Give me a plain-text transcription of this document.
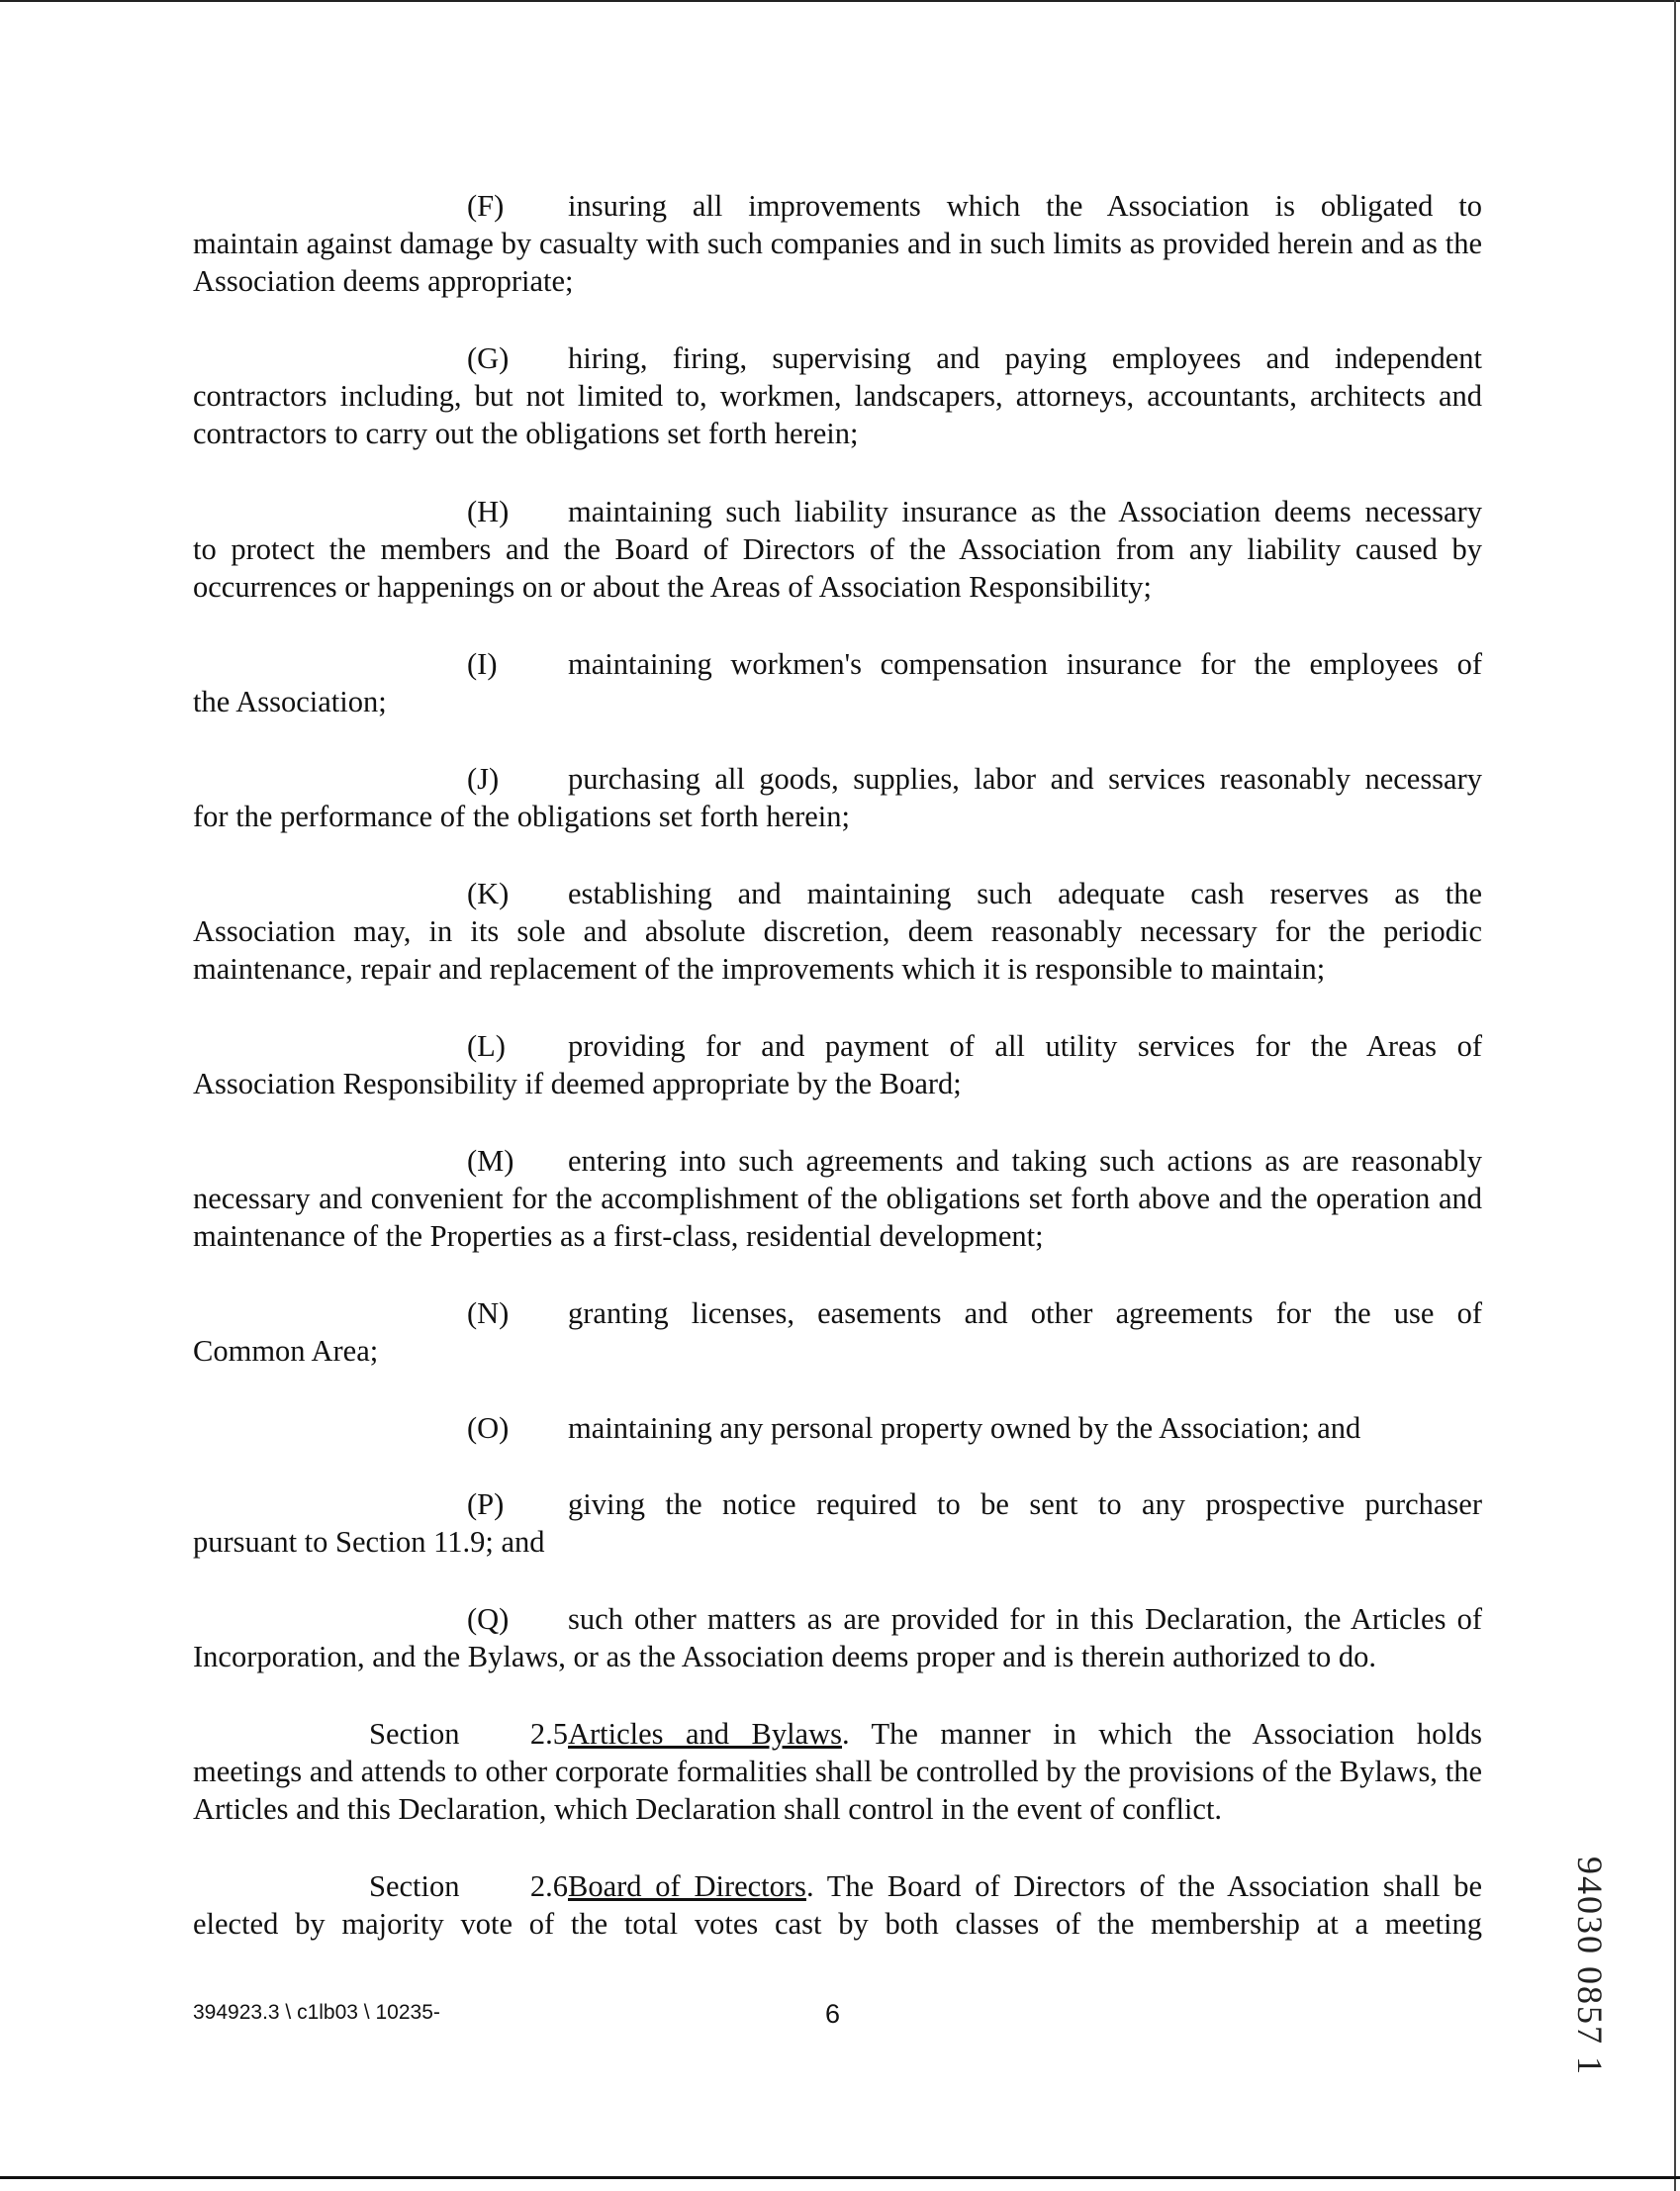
(F) insuring all improvements which the Association is obligated to
maintain against damage by casualty with such companies and in such limits as provided herein and as the Association deems appropriate;
(G) hiring, firing, supervising and paying employees and independent
contractors including, but not limited to, workmen, landscapers, attorneys, accountants, architects and contractors to carry out the obligations set forth herein;
(H) maintaining such liability insurance as the Association deems necessary
to protect the members and the Board of Directors of the Association from any liability caused by occurrences or happenings on or about the Areas of Association Responsibility;
(I) maintaining workmen's compensation insurance for the employees of
the Association;
(J) purchasing all goods, supplies, labor and services reasonably necessary
for the performance of the obligations set forth herein;
(K) establishing and maintaining such adequate cash reserves as the
Association may, in its sole and absolute discretion, deem reasonably necessary for the periodic maintenance, repair and replacement of the improvements which it is responsible to maintain;
(L) providing for and payment of all utility services for the Areas of
Association Responsibility if deemed appropriate by the Board;
(M) entering into such agreements and taking such actions as are reasonably
necessary and convenient for the accomplishment of the obligations set forth above and the operation and maintenance of the Properties as a first-class, residential development;
(N) granting licenses, easements and other agreements for the use of
Common Area;
(O) maintaining any personal property owned by the Association; and
(P) giving the notice required to be sent to any prospective purchaser
pursuant to Section 11.9; and
(Q) such other matters as are provided for in this Declaration, the Articles of
Incorporation, and the Bylaws, or as the Association deems proper and is therein authorized to do.
Section 2.5Articles and Bylaws. The manner in which the Association holds
meetings and attends to other corporate formalities shall be controlled by the provisions of the Bylaws, the Articles and this Declaration, which Declaration shall control in the event of conflict.
Section 2.6Board of Directors. The Board of Directors of the Association shall be
elected by majority vote of the total votes cast by both classes of the membership at a meeting
394923.3 \ c1lb03 \ 10235-	6	94030 0857 1
